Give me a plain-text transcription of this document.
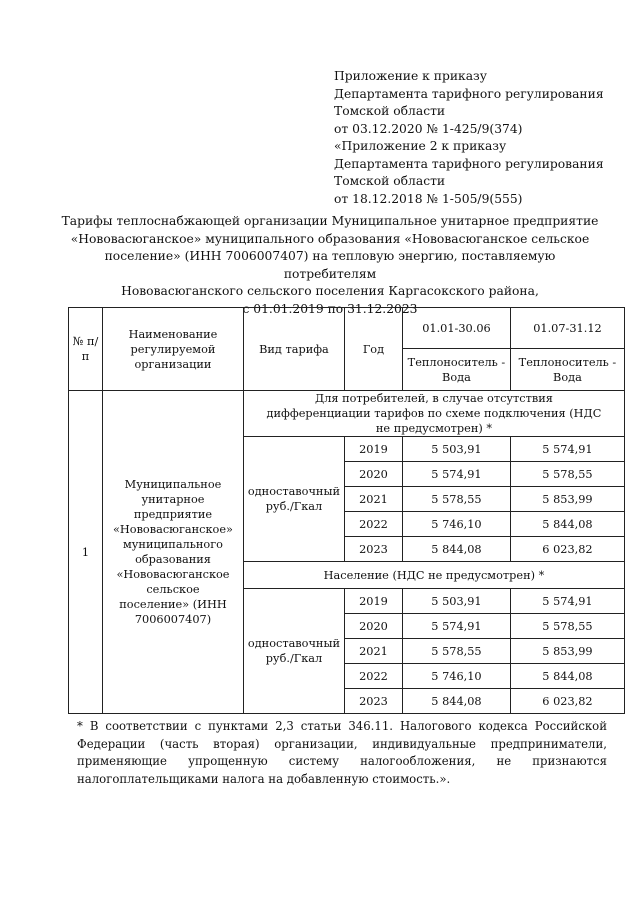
Приложение к приказу
Департамента тарифного регулирования
Томской области
от 03.12.2020 № 1-425/9(374)
«Приложение 2 к приказу
Департамента тарифного регулирования
Томской области
от 18.12.2018 № 1-505/9(555)
Тарифы теплоснабжающей организации Муниципальное унитарное предприятие
«Нововасюганское» муниципального образования «Нововасюганское сельское
поселение» (ИНН 7006007407) на тепловую энергию, поставляемую потребителям
Нововасюганского сельского поселения Каргасокского района,
с 01.01.2019 по 31.12.2023
№ п/п	Наименование регулируемой организации	Вид тарифа	Год	01.01-30.06	01.07-31.12
				Теплоноситель - Вода	Теплоноситель - Вода
1	Муниципальное унитарное предприятие «Нововасюганское» муниципального образования «Нововасюганское сельское поселение» (ИНН 7006007407)	Для потребителей, в случае отсутствия дифференциации тарифов по схеме подключения (НДС не предусмотрен) *			
		одноставочный руб./Гкал	2019	5 503,91	5 574,91
			2020	5 574,91	5 578,55
			2021	5 578,55	5 853,99
			2022	5 746,10	5 844,08
			2023	5 844,08	6 023,82
		Население (НДС не предусмотрен) *			
		одноставочный руб./Гкал	2019	5 503,91	5 574,91
			2020	5 574,91	5 578,55
			2021	5 578,55	5 853,99
			2022	5 746,10	5 844,08
			2023	5 844,08	6 023,82
* В соответствии с пунктами 2,3 статьи 346.11. Налогового кодекса Российской Федерации (часть вторая) организации, индивидуальные предприниматели, применяющие упрощенную систему налогообложения, не признаются налогоплательщиками налога на добавленную стоимость.».
